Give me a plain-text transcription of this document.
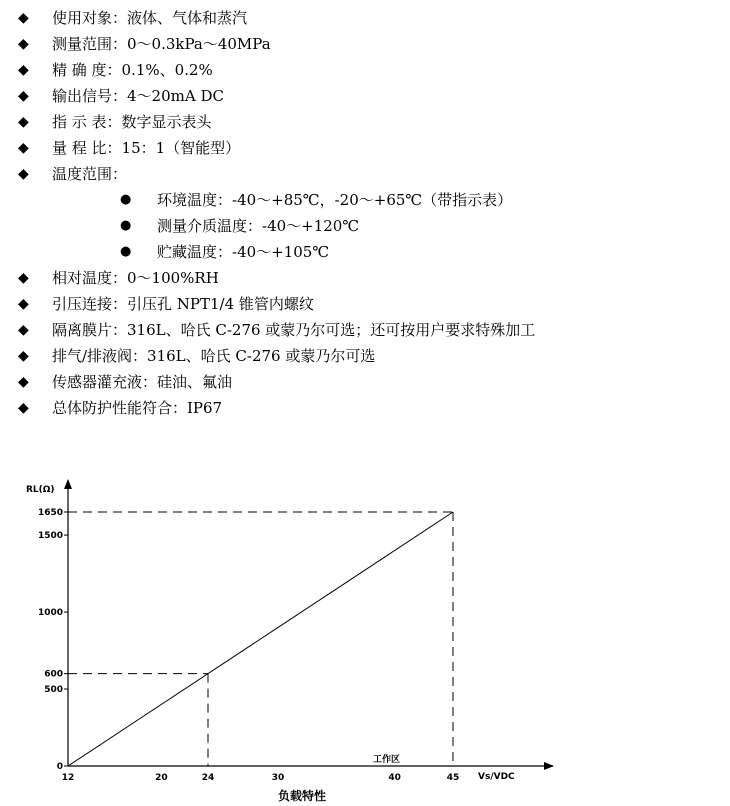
◆ 使用对象：液体、气体和蒸汽
◆ 测量范围：0～0.3kPa～40MPa
◆ 精 确 度：0.1%、0.2%
◆ 输出信号：4～20mA DC
◆ 指 示 表：数字显示表头
◆ 量 程 比：15：1（智能型）
◆ 温度范围：
● 环境温度：-40～+85℃，-20～+65℃（带指示表）
● 测量介质温度：-40～+120℃
● 贮藏温度：-40～+105℃
◆ 相对温度：0～100%RH
◆ 引压连接：引压孔 NPT1/4 锥管内螺纹
◆ 隔离膜片：316L、哈氏 C-276 或蒙乃尔可选；还可按用户要求特殊加工
◆ 排气/排液阀：316L、哈氏 C-276 或蒙乃尔可选
◆ 传感器灌充液：硅油、氟油
◆ 总体防护性能符合：IP67
12	20	24	30	40	45
0
500
600
1000
1500
1650
RL(Ω)
Vs/VDC
工作区
负载特性
